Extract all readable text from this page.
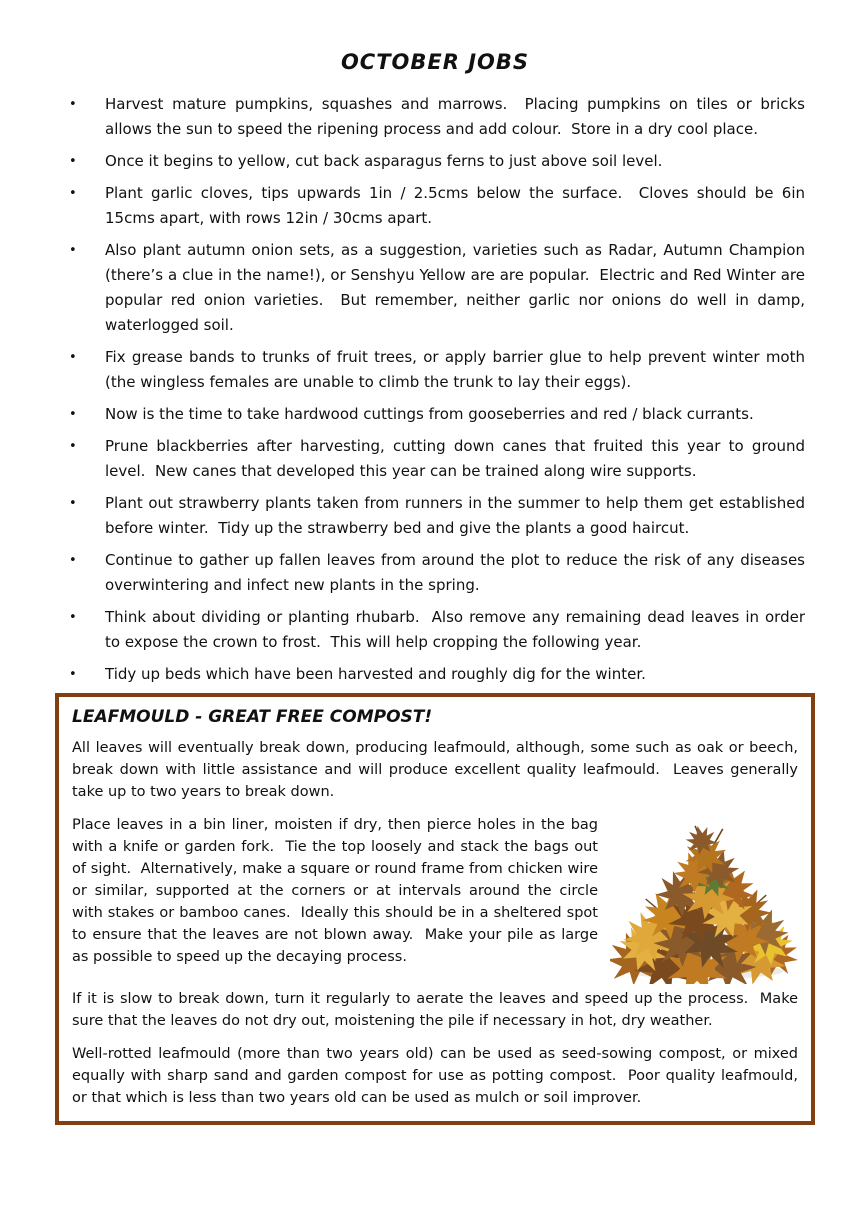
OCTOBER JOBS
•	Harvest mature pumpkins, squashes and marrows.  Placing pumpkins on tiles or bricks allows the sun to speed the ripening process and add colour.  Store in a dry cool place.
•	Once it begins to yellow, cut back asparagus ferns to just above soil level.
•	Plant garlic cloves, tips upwards 1in / 2.5cms below the surface.  Cloves should be 6in 15cms apart, with rows 12in / 30cms apart.
•	Also plant autumn onion sets, as a suggestion, varieties such as Radar, Autumn Champion (there’s a clue in the name!), or Senshyu Yellow are are popular.  Electric and Red Winter are popular red onion varieties.  But remember, neither garlic nor onions do well in damp, waterlogged soil.
•	Fix grease bands to trunks of fruit trees, or apply barrier glue to help prevent winter moth (the wingless females are unable to climb the trunk to lay their eggs).
•	Now is the time to take hardwood cuttings from gooseberries and red / black currants.
•	Prune blackberries after harvesting, cutting down canes that fruited this year to ground level.  New canes that developed this year can be trained along wire supports.
•	Plant out strawberry plants taken from runners in the summer to help them get established before winter.  Tidy up the strawberry bed and give the plants a good haircut.
•	Continue to gather up fallen leaves from around the plot to reduce the risk of any diseases overwintering and infect new plants in the spring.
•	Think about dividing or planting rhubarb.  Also remove any remaining dead leaves in order to expose the crown to frost.  This will help cropping the following year.
•	Tidy up beds which have been harvested and roughly dig for the winter.
LEAFMOULD - GREAT FREE COMPOST!

All leaves will eventually break down, producing leafmould, although, some such as oak or beech, break down with little assistance and will produce excellent quality leafmould.  Leaves generally take up to two years to break down.

Place leaves in a bin liner, moisten if dry, then pierce holes in the bag with a knife or garden fork.  Tie the top loosely and stack the bags out of sight.  Alternatively, make a square or round frame from chicken wire or similar, supported at the corners or at intervals around the circle with stakes or bamboo canes.  Ideally this should be in a sheltered spot to ensure that the leaves are not blown away.  Make your pile as large as possible to speed up the decaying process.

If it is slow to break down, turn it regularly to aerate the leaves and speed up the process.  Make sure that the leaves do not dry out, moistening the pile if necessary in hot, dry weather.

Well-rotted leafmould (more than two years old) can be used as seed-sowing compost, or mixed equally with sharp sand and garden compost for use as potting compost.  Poor quality leafmould, or that which is less than two years old can be used as mulch or soil improver.
